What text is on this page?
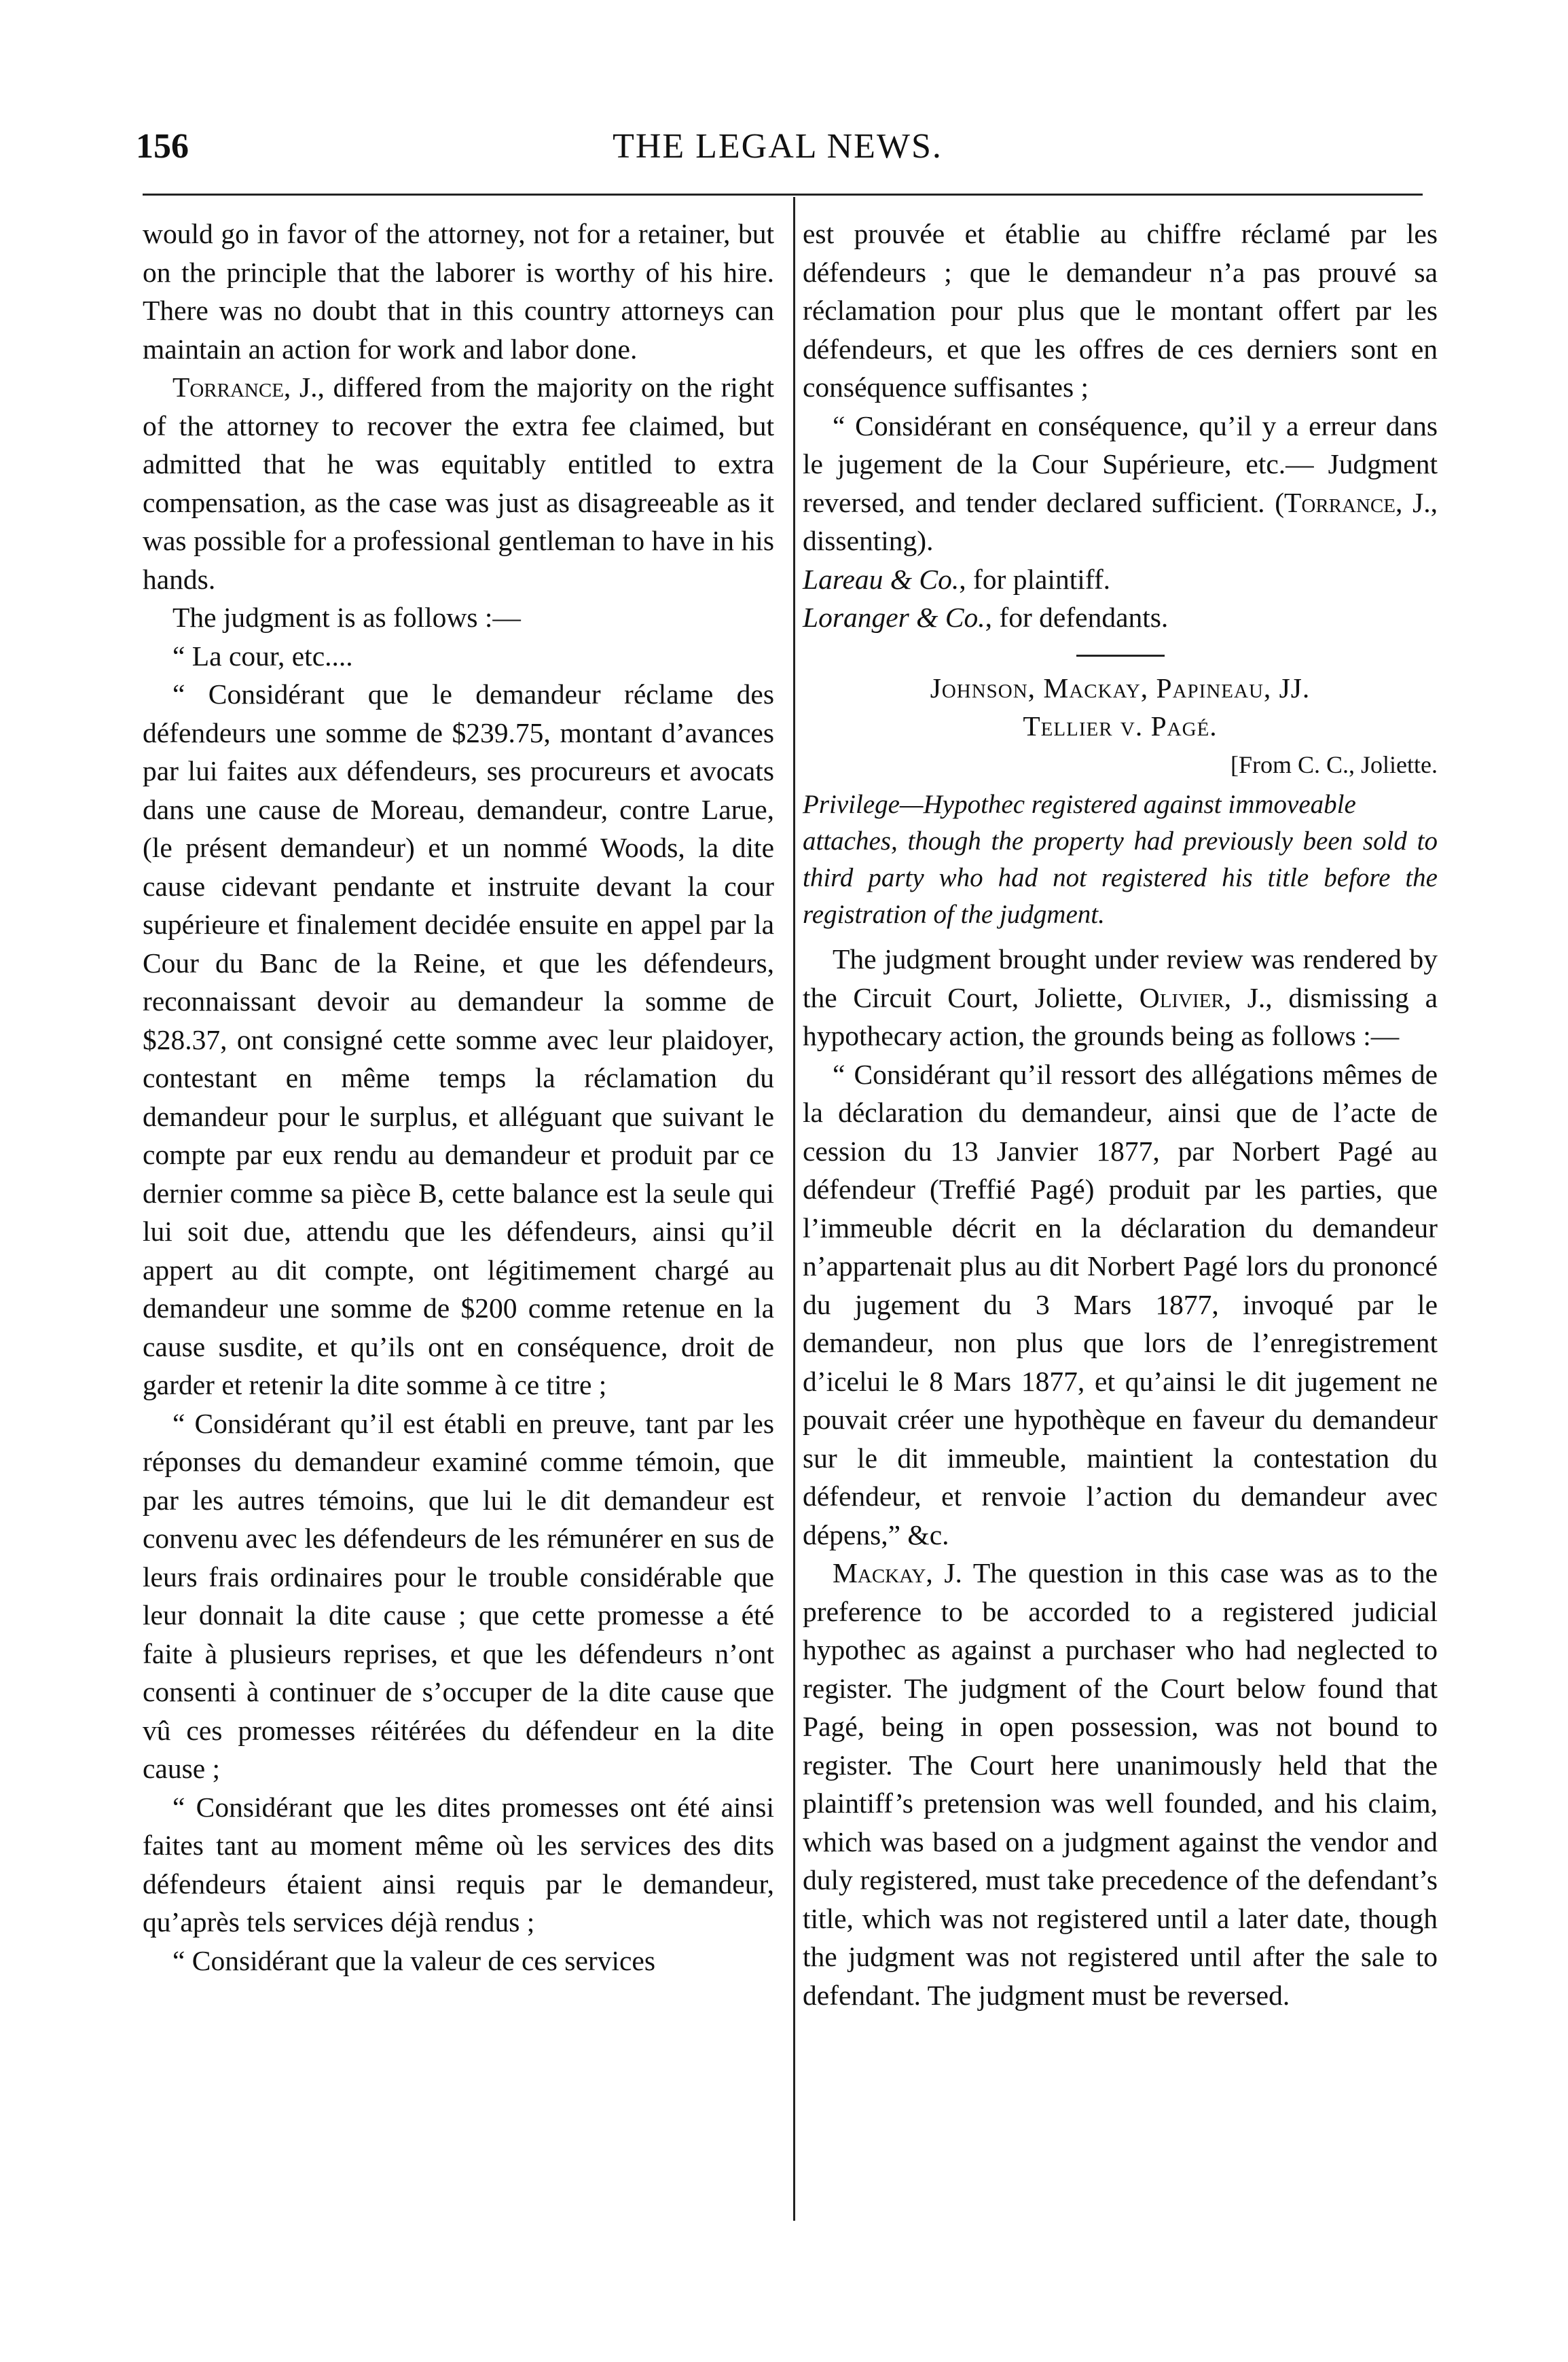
156	THE LEGAL NEWS.

would go in favor of the attorney, not for a retainer, but on the principle that the laborer is worthy of his hire. There was no doubt that in this country attorneys can maintain an action for work and labor done.

Torrance, J., differed from the majority on the right of the attorney to recover the extra fee claimed, but admitted that he was equitably entitled to extra compensation, as the case was just as disagreeable as it was possible for a professional gentleman to have in his hands.

The judgment is as follows :—

“ La cour, etc....

“ Considérant que le demandeur réclame des défendeurs une somme de $239.75, montant d’avances par lui faites aux défendeurs, ses procureurs et avocats dans une cause de Moreau, demandeur, contre Larue, (le présent demandeur) et un nommé Woods, la dite cause cidevant pendante et instruite devant la cour supérieure et finalement decidée ensuite en appel par la Cour du Banc de la Reine, et que les défendeurs, reconnaissant devoir au demandeur la somme de $28.37, ont consigné cette somme avec leur plaidoyer, contestant en même temps la réclamation du demandeur pour le surplus, et alléguant que suivant le compte par eux rendu au demandeur et produit par ce dernier comme sa pièce B, cette balance est la seule qui lui soit due, attendu que les défendeurs, ainsi qu’il appert au dit compte, ont légitimement chargé au demandeur une somme de $200 comme retenue en la cause susdite, et qu’ils ont en conséquence, droit de garder et retenir la dite somme à ce titre ;

“ Considérant qu’il est établi en preuve, tant par les réponses du demandeur examiné comme témoin, que par les autres témoins, que lui le dit demandeur est convenu avec les défendeurs de les rémunérer en sus de leurs frais ordinaires pour le trouble considérable que leur donnait la dite cause ; que cette promesse a été faite à plusieurs reprises, et que les défendeurs n’ont consenti à continuer de s’occuper de la dite cause que vû ces promesses réitérées du défendeur en la dite cause ;

“ Considérant que les dites promesses ont été ainsi faites tant au moment même où les services des dits défendeurs étaient ainsi requis par le demandeur, qu’après tels services déjà rendus ;

“ Considérant que la valeur de ces services

est prouvée et établie au chiffre réclamé par les défendeurs ; que le demandeur n’a pas prouvé sa réclamation pour plus que le montant offert par les défendeurs, et que les offres de ces derniers sont en conséquence suffisantes ;

“ Considérant en conséquence, qu’il y a erreur dans le jugement de la Cour Supérieure, etc.— Judgment reversed, and tender declared sufficient. (Torrance, J., dissenting).

Lareau & Co., for plaintiff.

Loranger & Co., for defendants.

Johnson, Mackay, Papineau, JJ.

Tellier v. Pagé.

[From C. C., Joliette.

Privilege—Hypothec registered against immoveable

attaches, though the property had previously been sold to third party who had not registered his title before the registration of the judgment.

The judgment brought under review was rendered by the Circuit Court, Joliette, Olivier, J., dismissing a hypothecary action, the grounds being as follows :—

“ Considérant qu’il ressort des allégations mêmes de la déclaration du demandeur, ainsi que de l’acte de cession du 13 Janvier 1877, par Norbert Pagé au défendeur (Treffié Pagé) produit par les parties, que l’immeuble décrit en la déclaration du demandeur n’appartenait plus au dit Norbert Pagé lors du prononcé du jugement du 3 Mars 1877, invoqué par le demandeur, non plus que lors de l’enregistrement d’icelui le 8 Mars 1877, et qu’ainsi le dit jugement ne pouvait créer une hypothèque en faveur du demandeur sur le dit immeuble, maintient la contestation du défendeur, et renvoie l’action du demandeur avec dépens,” &c.

Mackay, J. The question in this case was as to the preference to be accorded to a registered judicial hypothec as against a purchaser who had neglected to register. The judgment of the Court below found that Pagé, being in open possession, was not bound to register. The Court here unanimously held that the plaintiff’s pretension was well founded, and his claim, which was based on a judgment against the vendor and duly registered, must take precedence of the defendant’s title, which was not registered until a later date, though the judgment was not registered until after the sale to defendant. The judgment must be reversed.
